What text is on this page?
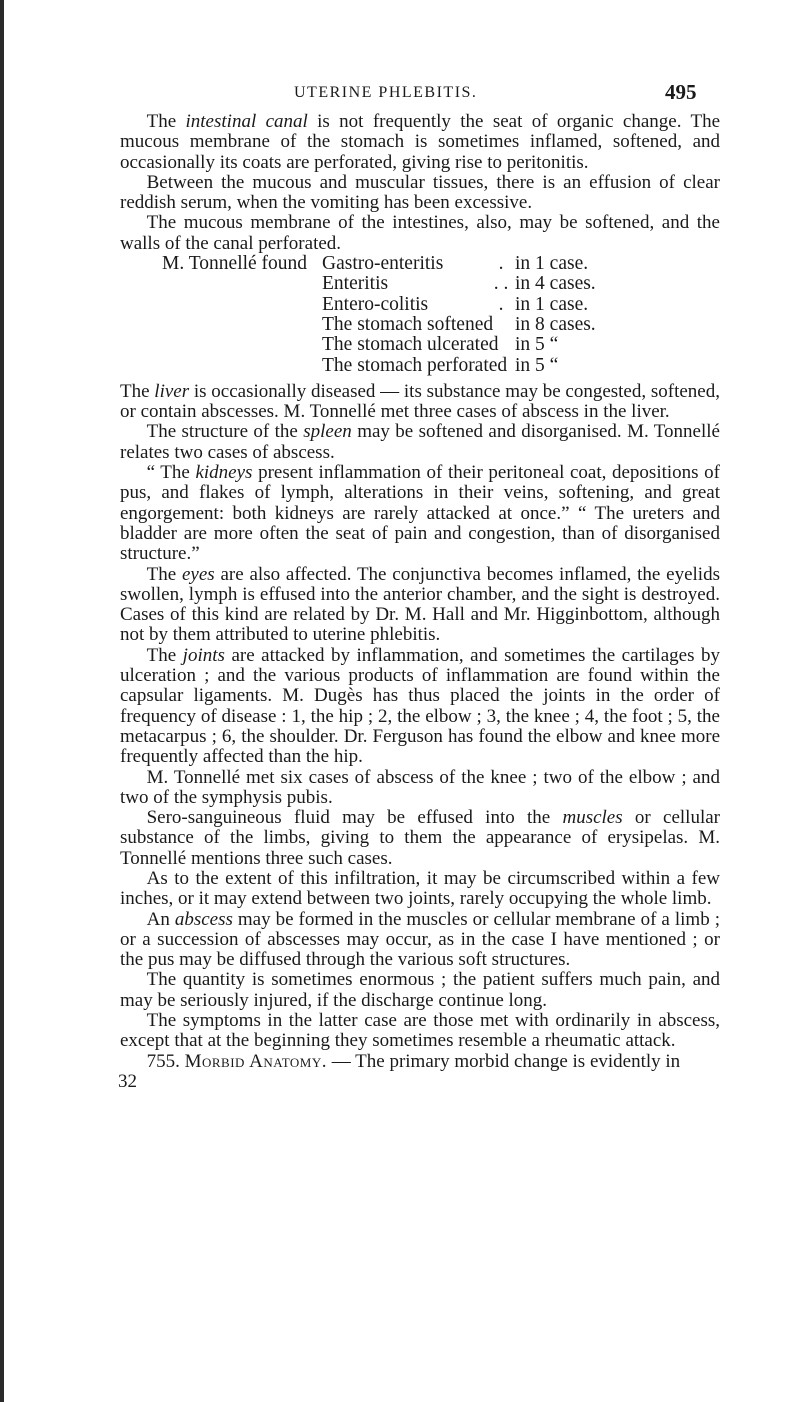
UTERINE PHLEBITIS.	495

The intestinal canal is not frequently the seat of organic change. The mucous membrane of the stomach is sometimes inflamed, softened, and occasionally its coats are perforated, giving rise to peritonitis.

Between the mucous and muscular tissues, there is an effusion of clear reddish serum, when the vomiting has been excessive.

The mucous membrane of the intestines, also, may be softened, and the walls of the canal perforated.

M. Tonnellé found	Gastro-enteritis	.	in 1 case.
	Enteritis	. .	in 4 cases.
	Entero-colitis	.	in 1 case.
	The stomach softened		in 8 cases.
	The stomach ulcerated		in 5 “
	The stomach perforated		in 5 “

The liver is occasionally diseased — its substance may be congested, softened, or contain abscesses. M. Tonnellé met three cases of abscess in the liver.

The structure of the spleen may be softened and disorganised. M. Tonnellé relates two cases of abscess.

“ The kidneys present inflammation of their peritoneal coat, depositions of pus, and flakes of lymph, alterations in their veins, softening, and great engorgement: both kidneys are rarely attacked at once.” “ The ureters and bladder are more often the seat of pain and congestion, than of disorganised structure.”

The eyes are also affected. The conjunctiva becomes inflamed, the eyelids swollen, lymph is effused into the anterior chamber, and the sight is destroyed. Cases of this kind are related by Dr. M. Hall and Mr. Higginbottom, although not by them attributed to uterine phlebitis.

The joints are attacked by inflammation, and sometimes the cartilages by ulceration ; and the various products of inflammation are found within the capsular ligaments. M. Dugès has thus placed the joints in the order of frequency of disease : 1, the hip ; 2, the elbow ; 3, the knee ; 4, the foot ; 5, the metacarpus ; 6, the shoulder. Dr. Ferguson has found the elbow and knee more frequently affected than the hip.

M. Tonnellé met six cases of abscess of the knee ; two of the elbow ; and two of the symphysis pubis.

Sero-sanguineous fluid may be effused into the muscles or cellular substance of the limbs, giving to them the appearance of erysipelas. M. Tonnellé mentions three such cases.

As to the extent of this infiltration, it may be circumscribed within a few inches, or it may extend between two joints, rarely occupying the whole limb.

An abscess may be formed in the muscles or cellular membrane of a limb ; or a succession of abscesses may occur, as in the case I have mentioned ; or the pus may be diffused through the various soft structures.

The quantity is sometimes enormous ; the patient suffers much pain, and may be seriously injured, if the discharge continue long.

The symptoms in the latter case are those met with ordinarily in abscess, except that at the beginning they sometimes resemble a rheumatic attack.

755. Morbid Anatomy. — The primary morbid change is evidently in

32
